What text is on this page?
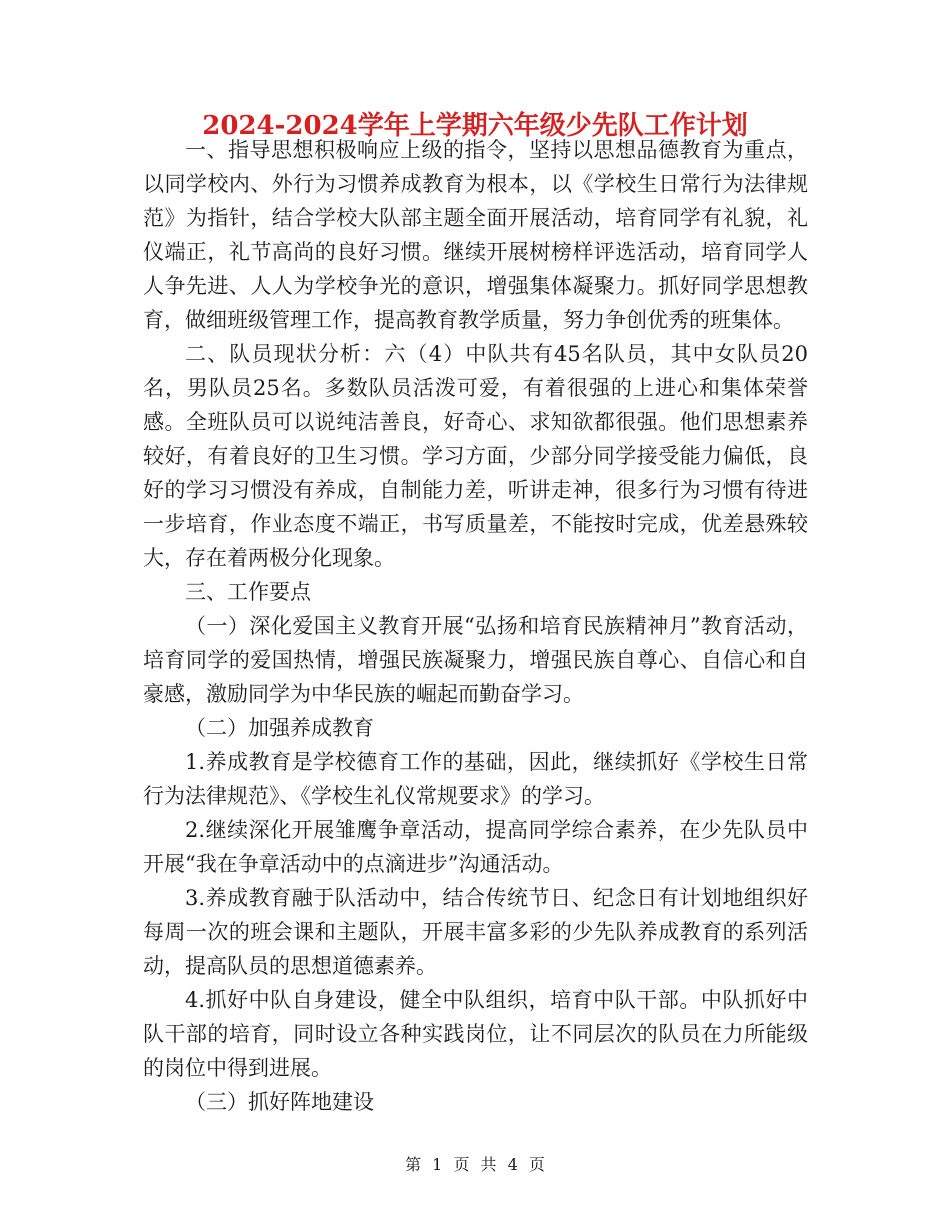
2024-2024学年上学期六年级少先队工作计划

一、指导思想积极响应上级的指令，坚持以思想品德教育为重点，以同学校内、外行为习惯养成教育为根本，以《学校生日常行为法律规范》为指针，结合学校大队部主题全面开展活动，培育同学有礼貌，礼仪端正，礼节高尚的良好习惯。继续开展树榜样评选活动，培育同学人人争先进、人人为学校争光的意识，增强集体凝聚力。抓好同学思想教育，做细班级管理工作，提高教育教学质量，努力争创优秀的班集体。

二、队员现状分析：六（4）中队共有45名队员，其中女队员20名，男队员25名。多数队员活泼可爱，有着很强的上进心和集体荣誉感。全班队员可以说纯洁善良，好奇心、求知欲都很强。他们思想素养较好，有着良好的卫生习惯。学习方面，少部分同学接受能力偏低，良好的学习习惯没有养成，自制能力差，听讲走神，很多行为习惯有待进一步培育，作业态度不端正，书写质量差，不能按时完成，优差悬殊较大，存在着两极分化现象。

三、工作要点

（一）深化爱国主义教育开展“弘扬和培育民族精神月”教育活动，培育同学的爱国热情，增强民族凝聚力，增强民族自尊心、自信心和自豪感，激励同学为中华民族的崛起而勤奋学习。

（二）加强养成教育

1.养成教育是学校德育工作的基础，因此，继续抓好《学校生日常行为法律规范》、《学校生礼仪常规要求》的学习。

2.继续深化开展雏鹰争章活动，提高同学综合素养，在少先队员中开展“我在争章活动中的点滴进步”沟通活动。

3.养成教育融于队活动中，结合传统节日、纪念日有计划地组织好每周一次的班会课和主题队，开展丰富多彩的少先队养成教育的系列活动，提高队员的思想道德素养。

4.抓好中队自身建设，健全中队组织，培育中队干部。中队抓好中队干部的培育，同时设立各种实践岗位，让不同层次的队员在力所能级的岗位中得到进展。

（三）抓好阵地建设

第 1 页 共 4 页
